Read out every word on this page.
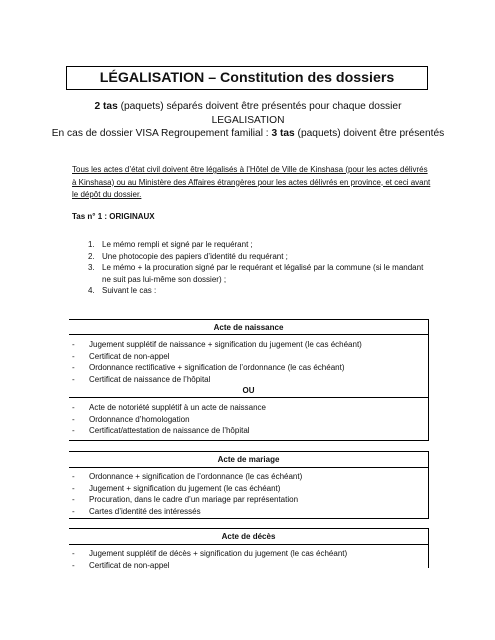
LÉGALISATION – Constitution des dossiers
2 tas (paquets) séparés doivent être présentés pour chaque dossier
LEGALISATION
En cas de dossier VISA Regroupement familial : 3 tas (paquets) doivent être présentés
Tous les actes d’état civil doivent être légalisés à l’Hôtel de Ville de Kinshasa (pour les actes délivrés à Kinshasa) ou au Ministère des Affaires étrangères pour les actes délivrés en province, et ceci avant le dépôt du dossier.
Tas n° 1 : ORIGINAUX
1. Le mémo rempli et signé par le requérant ;
2. Une photocopie des papiers d’identité du requérant ;
3. Le mémo + la procuration signé par le requérant et légalisé par la commune (si le mandant ne suit pas lui-même son dossier) ;
4. Suivant le cas :
Acte de naissance
-	Jugement supplétif de naissance + signification du jugement (le cas échéant)
-	Certificat de non-appel
-	Ordonnance rectificative + signification de l’ordonnance (le cas échéant)
-	Certificat de naissance de l’hôpital
OU
-	Acte de notoriété supplétif à un acte de naissance
-	Ordonnance d’homologation
-	Certificat/attestation de naissance de l’hôpital
Acte de mariage
-	Ordonnance + signification de l’ordonnance (le cas échéant)
-	Jugement + signification du jugement (le cas échéant)
-	Procuration, dans le cadre d’un mariage par représentation
-	Cartes d’identité des intéressés
Acte de décès
-	Jugement supplétif de décès + signification du jugement (le cas échéant)
-	Certificat de non-appel
